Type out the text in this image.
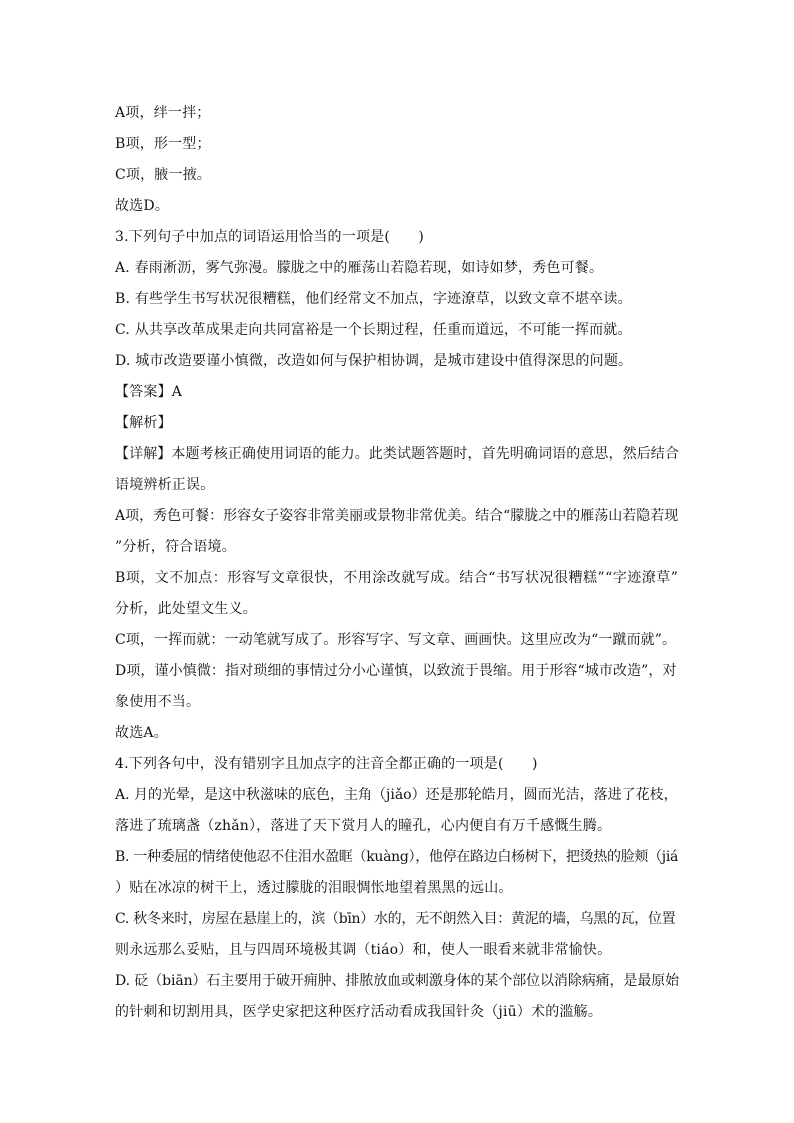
A项，绊一拌；
B项，形一型；
C项，腋一掖。
故选D。
3.下列句子中加点的词语运用恰当的一项是(　　)
A. 春雨淅沥，雾气弥漫。朦胧之中的雁荡山若隐若现，如诗如梦，秀色可餐。
B. 有些学生书写状况很糟糕，他们经常文不加点，字迹潦草，以致文章不堪卒读。
C. 从共享改革成果走向共同富裕是一个长期过程，任重而道远，不可能一挥而就。
D. 城市改造要谨小慎微，改造如何与保护相协调，是城市建设中值得深思的问题。
【答案】A
【解析】
【详解】本题考核正确使用词语的能力。此类试题答题时，首先明确词语的意思，然后结合
语境辨析正误。
A项，秀色可餐：形容女子姿容非常美丽或景物非常优美。结合“朦胧之中的雁荡山若隐若现
”分析，符合语境。
B项，文不加点：形容写文章很快，不用涂改就写成。结合“书写状况很糟糕”“字迹潦草”
分析，此处望文生义。
C项，一挥而就：一动笔就写成了。形容写字、写文章、画画快。这里应改为“一蹴而就”。
D项，谨小慎微：指对琐细的事情过分小心谨慎，以致流于畏缩。用于形容“城市改造”，对
象使用不当。
故选A。
4.下列各句中，没有错别字且加点字的注音全都正确的一项是(　　)
A. 月的光晕，是这中秋滋味的底色，主角（jiǎo）还是那轮皓月，圆而光洁，落进了花枝，
落进了琉璃盏（zhǎn），落进了天下赏月人的瞳孔，心内便自有万千感慨生腾。
B. 一种委屈的情绪使他忍不住泪水盈眶（kuàng），他停在路边白杨树下，把烫热的脸颊（jiá
）贴在冰凉的树干上，透过朦胧的泪眼惆怅地望着黑黑的远山。
C. 秋冬来时，房屋在悬崖上的，滨（bīn）水的，无不朗然入目：黄泥的墙，乌黑的瓦，位置
则永远那么妥贴，且与四周环境极其调（tiáo）和，使人一眼看来就非常愉快。
D. 砭（biān）石主要用于破开痈肿、排脓放血或刺激身体的某个部位以消除病痛，是最原始
的针刺和切割用具，医学史家把这种医疗活动看成我国针灸（jiū）术的滥觞。
